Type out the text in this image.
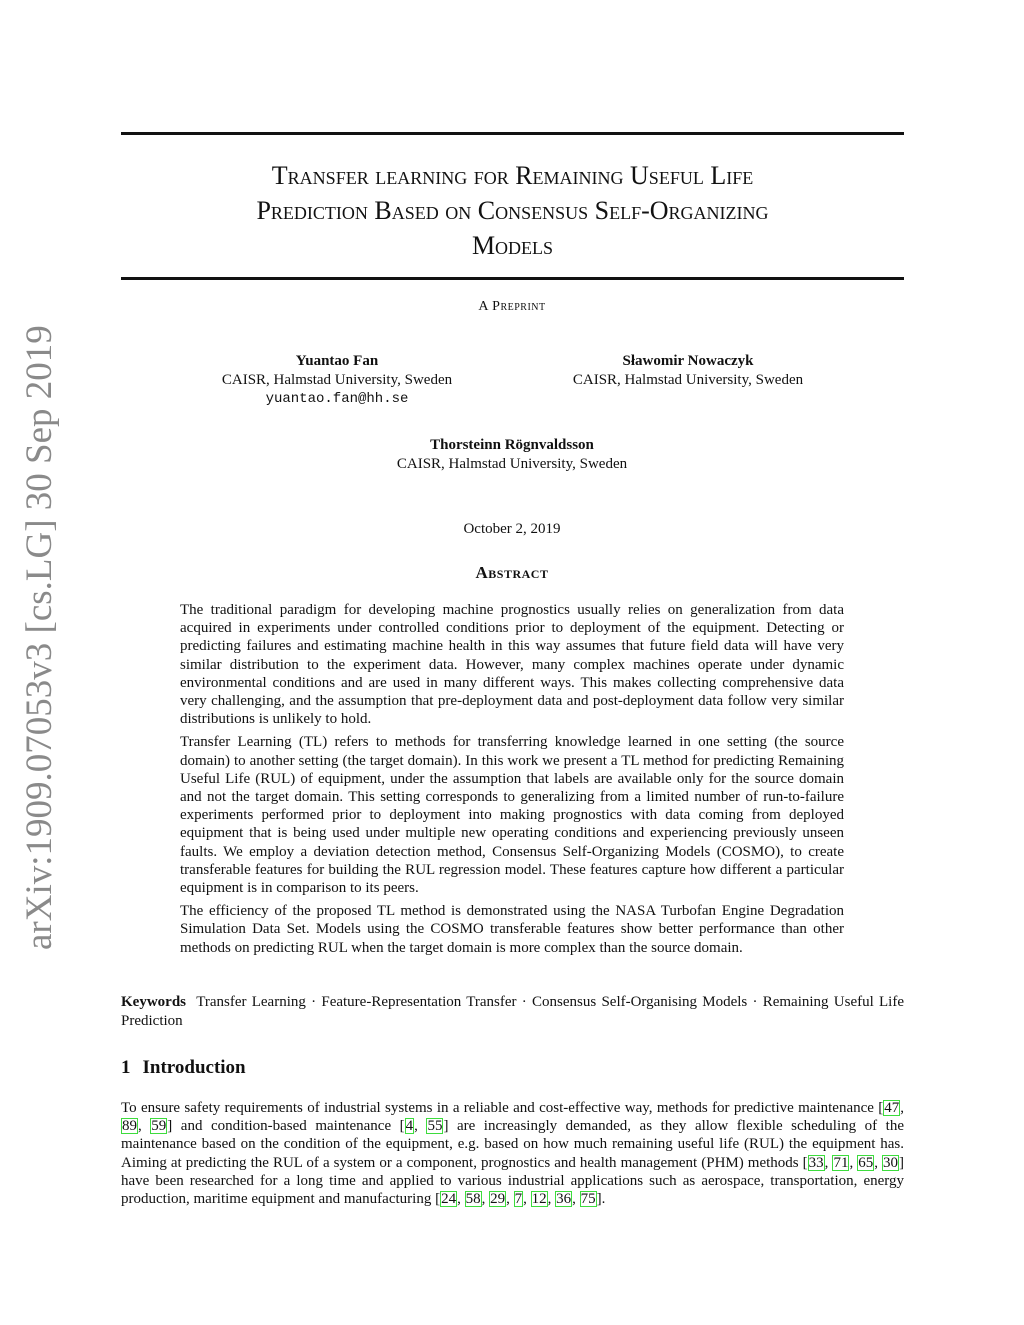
arXiv:1909.07053v3 [cs.LG] 30 Sep 2019
Transfer learning for Remaining Useful Life
Prediction Based on Consensus Self-Organizing
Models
A Preprint
Yuantao Fan
CAISR, Halmstad University, Sweden
yuantao.fan@hh.se
Sławomir Nowaczyk
CAISR, Halmstad University, Sweden
Thorsteinn Rögnvaldsson
CAISR, Halmstad University, Sweden
October 2, 2019
Abstract

The traditional paradigm for developing machine prognostics usually relies on generalization from data acquired in experiments under controlled conditions prior to deployment of the equipment. Detecting or predicting failures and estimating machine health in this way assumes that future field data will have very similar distribution to the experiment data. However, many complex machines operate under dynamic environmental conditions and are used in many different ways. This makes collecting comprehensive data very challenging, and the assumption that pre-deployment data and post-deployment data follow very similar distributions is unlikely to hold.

Transfer Learning (TL) refers to methods for transferring knowledge learned in one setting (the source domain) to another setting (the target domain). In this work we present a TL method for predicting Remaining Useful Life (RUL) of equipment, under the assumption that labels are available only for the source domain and not the target domain. This setting corresponds to generalizing from a limited number of run-to-failure experiments performed prior to deployment into making prognostics with data coming from deployed equipment that is being used under multiple new operating conditions and experiencing previously unseen faults. We employ a deviation detection method, Consensus Self-Organizing Models (COSMO), to create transferable features for building the RUL regression model. These features capture how different a particular equipment is in comparison to its peers.

The efficiency of the proposed TL method is demonstrated using the NASA Turbofan Engine Degradation Simulation Data Set. Models using the COSMO transferable features show better performance than other methods on predicting RUL when the target domain is more complex than the source domain.

Keywords Transfer Learning · Feature-Representation Transfer · Consensus Self-Organising Models · Remaining Useful Life Prediction
1 Introduction

To ensure safety requirements of industrial systems in a reliable and cost-effective way, methods for predictive maintenance [47, 89, 59] and condition-based maintenance [4, 55] are increasingly demanded, as they allow flexible scheduling of the maintenance based on the condition of the equipment, e.g. based on how much remaining useful life (RUL) the equipment has. Aiming at predicting the RUL of a system or a component, prognostics and health management (PHM) methods [33, 71, 65, 30] have been researched for a long time and applied to various industrial applications such as aerospace, transportation, energy production, maritime equipment and manufacturing [24, 58, 29, 7, 12, 36, 75].
